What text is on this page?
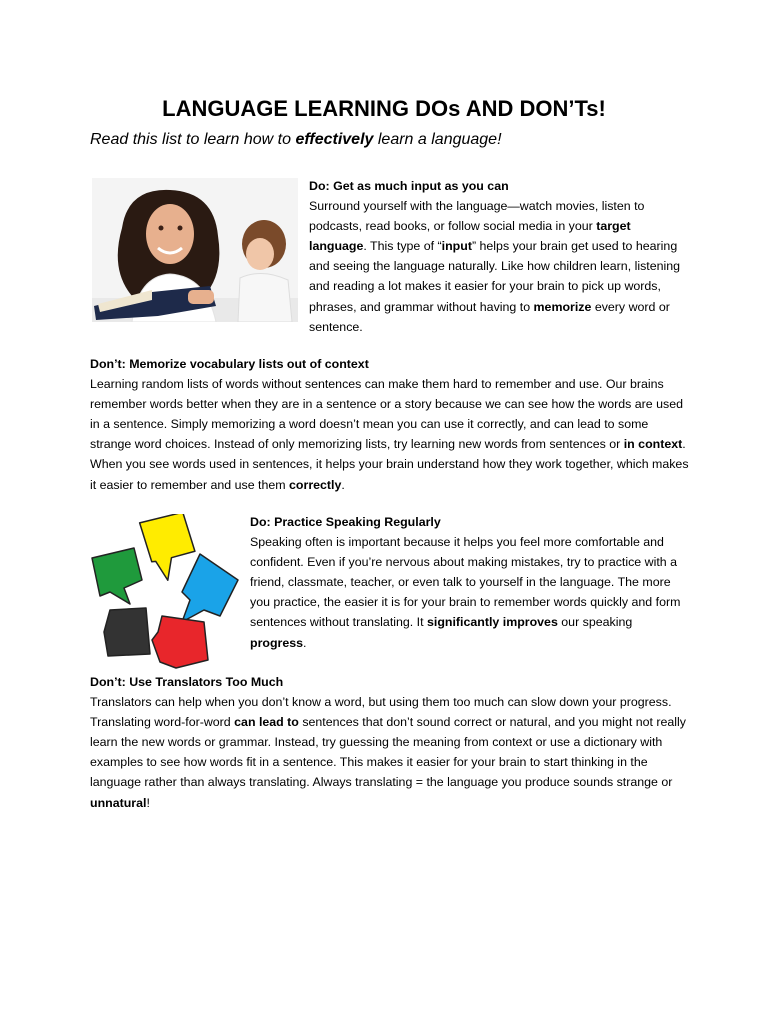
LANGUAGE LEARNING DOs AND DON’Ts!
Read this list to learn how to effectively learn a language!
Do: Get as much input as you can
Surround yourself with the language—watch movies, listen to podcasts, read books, or follow social media in your target language. This type of “input” helps your brain get used to hearing and seeing the language naturally. Like how children learn, listening and reading a lot makes it easier for your brain to pick up words, phrases, and grammar without having to memorize every word or sentence.
Don’t: Memorize vocabulary lists out of context
Learning random lists of words without sentences can make them hard to remember and use. Our brains remember words better when they are in a sentence or a story because we can see how the words are used in a sentence. Simply memorizing a word doesn’t mean you can use it correctly, and can lead to some strange word choices. Instead of only memorizing lists, try learning new words from sentences or in context. When you see words used in sentences, it helps your brain understand how they work together, which makes it easier to remember and use them correctly.
Do: Practice Speaking Regularly
Speaking often is important because it helps you feel more comfortable and confident. Even if you’re nervous about making mistakes, try to practice with a friend, classmate, teacher, or even talk to yourself in the language. The more you practice, the easier it is for your brain to remember words quickly and form sentences without translating. It significantly improves our speaking progress.
Don’t: Use Translators Too Much
Translators can help when you don’t know a word, but using them too much can slow down your progress. Translating word-for-word can lead to sentences that don’t sound correct or natural, and you might not really learn the new words or grammar. Instead, try guessing the meaning from context or use a dictionary with examples to see how words fit in a sentence. This makes it easier for your brain to start thinking in the language rather than always translating. Always translating = the language you produce sounds strange or unnatural!
